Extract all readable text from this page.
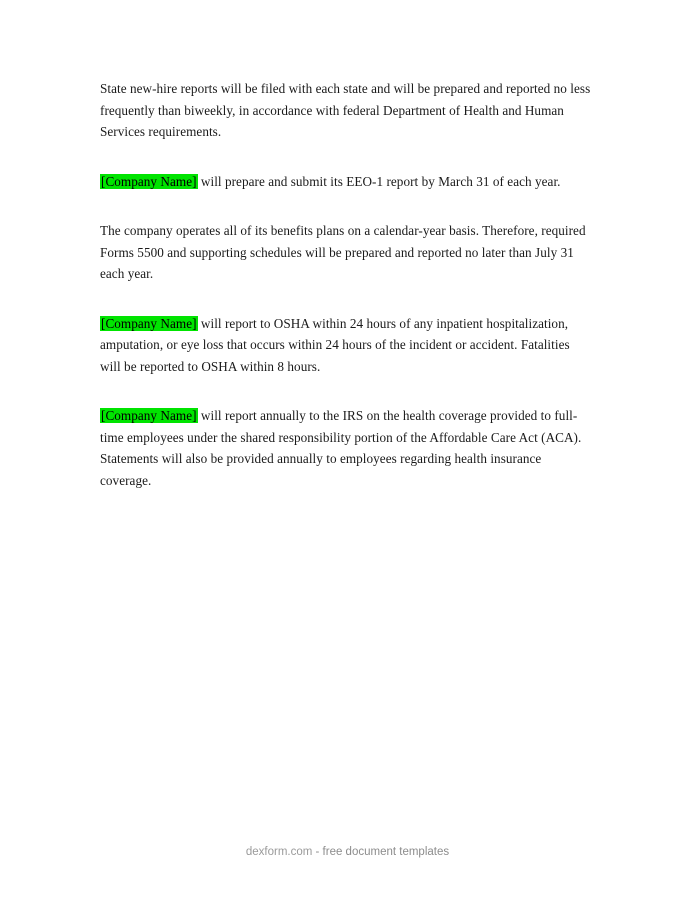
State new-hire reports will be filed with each state and will be prepared and reported no less frequently than biweekly, in accordance with federal Department of Health and Human Services requirements.

[Company Name] will prepare and submit its EEO-1 report by March 31 of each year.

The company operates all of its benefits plans on a calendar-year basis. Therefore, required Forms 5500 and supporting schedules will be prepared and reported no later than July 31 each year.

[Company Name] will report to OSHA within 24 hours of any inpatient hospitalization, amputation, or eye loss that occurs within 24 hours of the incident or accident. Fatalities will be reported to OSHA within 8 hours.

[Company Name] will report annually to the IRS on the health coverage provided to full-time employees under the shared responsibility portion of the Affordable Care Act (ACA). Statements will also be provided annually to employees regarding health insurance coverage.

dexform.com - free document templates
